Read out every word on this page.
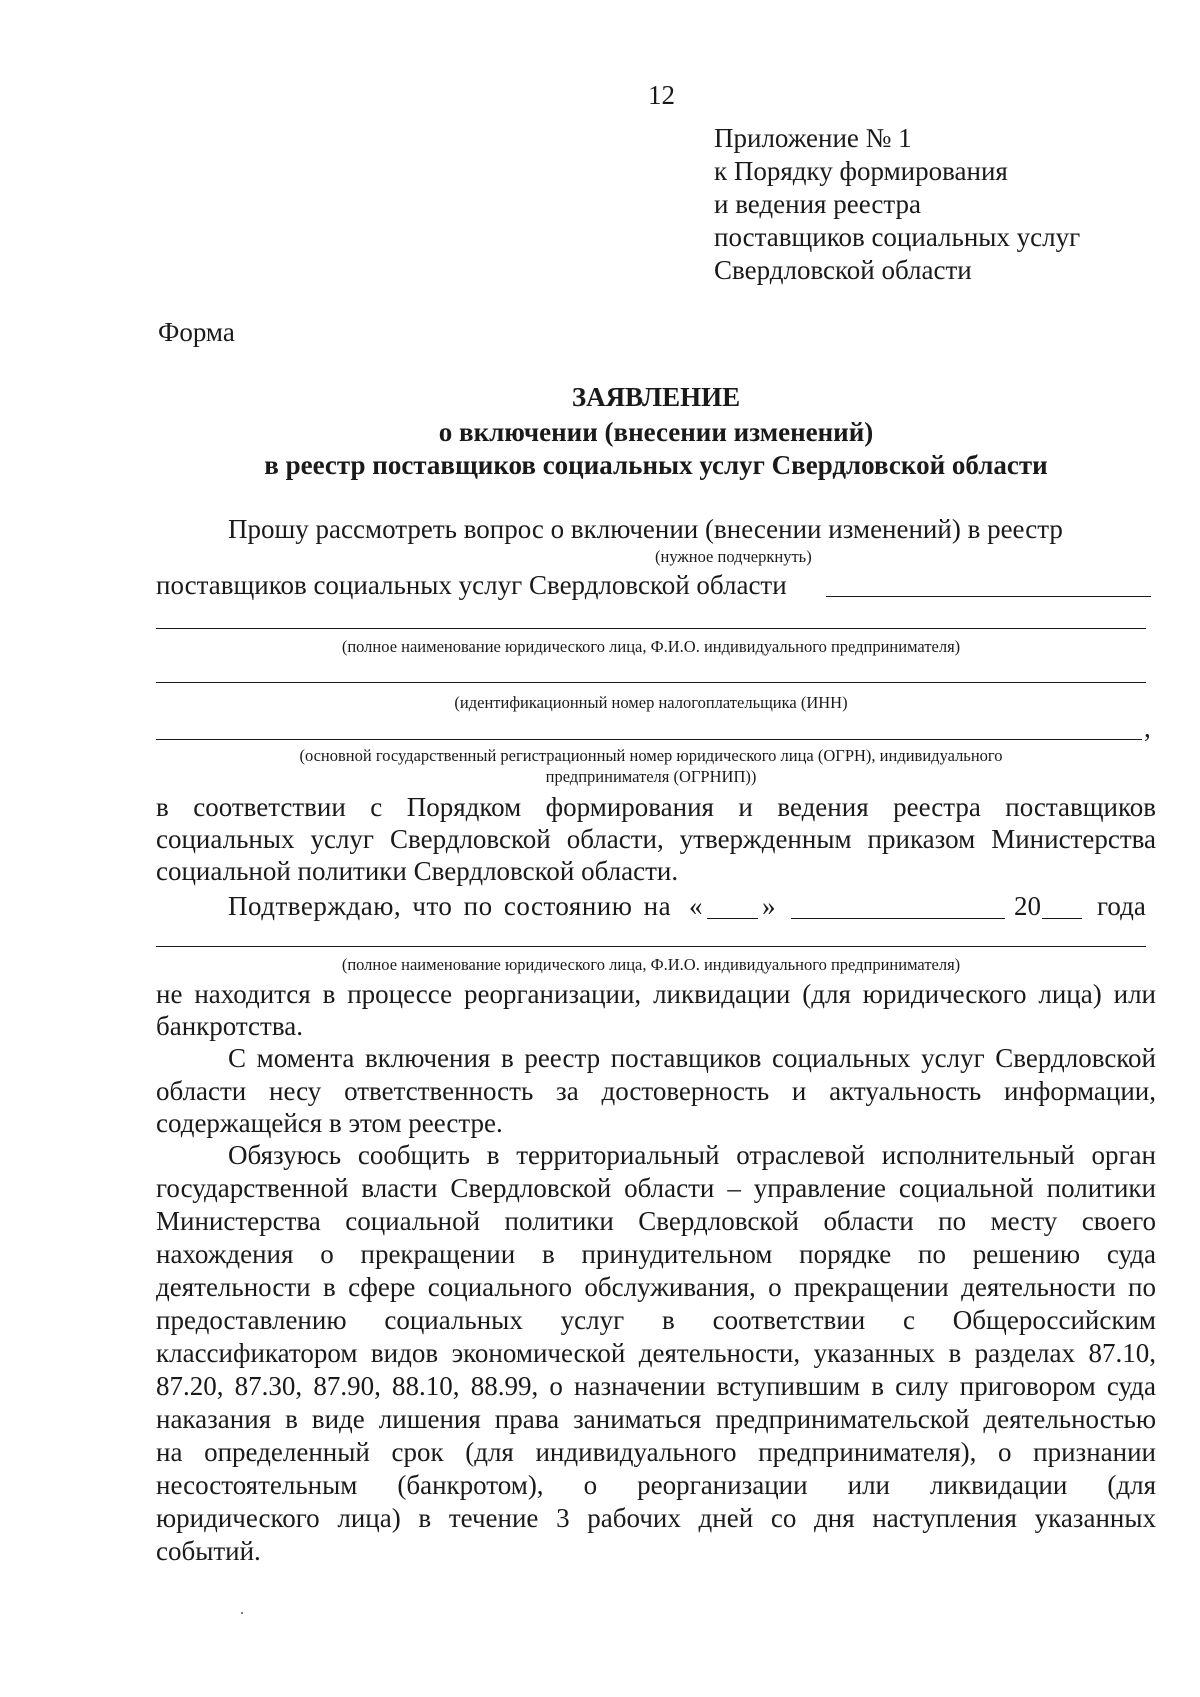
12
Приложение № 1
к Порядку формирования
и ведения реестра
поставщиков социальных услуг
Свердловской области
Форма
ЗАЯВЛЕНИЕ
о включении (внесении изменений)
в реестр поставщиков социальных услуг Свердловской области
Прошу рассмотреть вопрос о включении (внесении изменений) в реестр
(нужное подчеркнуть)
поставщиков социальных услуг Свердловской области
(полное наименование юридического лица, Ф.И.О. индивидуального предпринимателя)
(идентификационный номер налогоплательщика (ИНН)
,
(основной государственный регистрационный номер юридического лица (ОГРН), индивидуального
предпринимателя (ОГРНИП))
в соответствии с Порядком формирования и ведения реестра поставщиков
социальных услуг Свердловской области, утвержденным приказом Министерства
социальной политики Свердловской области.
Подтверждаю, что по состоянию на « »	20 года
(полное наименование юридического лица, Ф.И.О. индивидуального предпринимателя)
не находится в процессе реорганизации, ликвидации (для юридического лица) или
банкротства.
С момента включения в реестр поставщиков социальных услуг Свердловской
области несу ответственность за достоверность и актуальность информации,
содержащейся в этом реестре.
Обязуюсь сообщить в территориальный отраслевой исполнительный орган
государственной власти Свердловской области – управление социальной политики
Министерства социальной политики Свердловской области по месту своего
нахождения о прекращении в принудительном порядке по решению суда
деятельности в сфере социального обслуживания, о прекращении деятельности по
предоставлению социальных услуг в соответствии с Общероссийским
классификатором видов экономической деятельности, указанных в разделах 87.10,
87.20, 87.30, 87.90, 88.10, 88.99, о назначении вступившим в силу приговором суда
наказания в виде лишения права заниматься предпринимательской деятельностью
на определенный срок (для индивидуального предпринимателя), о признании
несостоятельным (банкротом), о реорганизации или ликвидации (для
юридического лица) в течение 3 рабочих дней со дня наступления указанных
событий.
